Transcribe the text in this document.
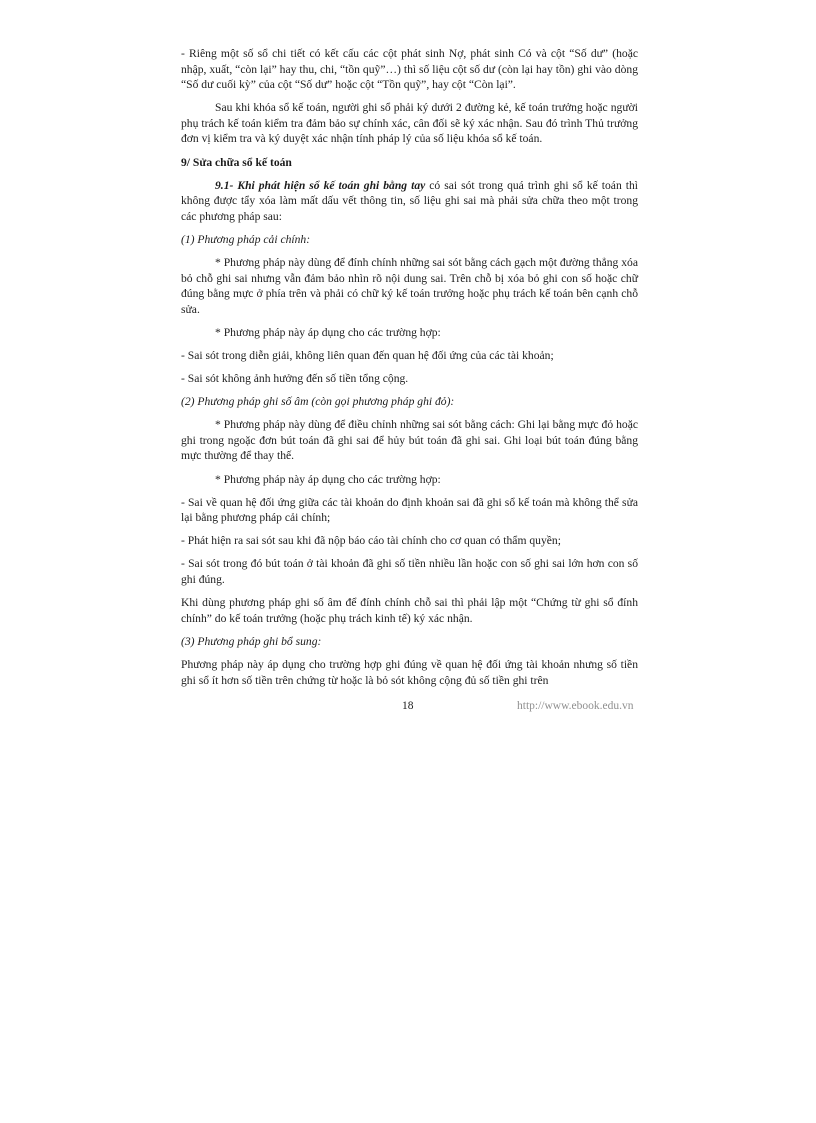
- Riêng một số sổ chi tiết có kết cấu các cột phát sinh Nợ, phát sinh Có và cột “Số dư” (hoặc nhập, xuất, “còn lại” hay thu, chi, “tồn quỹ”…) thì số liệu cột số dư (còn lại hay tồn) ghi vào dòng “Số dư cuối kỳ” của cột “Số dư” hoặc cột “Tồn quỹ”, hay cột “Còn lại”.

Sau khi khóa sổ kế toán, người ghi sổ phải ký dưới 2 đường kẻ, kế toán trưởng hoặc người phụ trách kế toán kiểm tra đảm bảo sự chính xác, cân đối sẽ ký xác nhận. Sau đó trình Thủ trưởng đơn vị kiểm tra và ký duyệt xác nhận tính pháp lý của số liệu khóa sổ kế toán.

9/ Sửa chữa sổ kế toán

9.1- Khi phát hiện sổ kế toán ghi bằng tay có sai sót trong quá trình ghi sổ kế toán thì không được tẩy xóa làm mất dấu vết thông tin, số liệu ghi sai mà phải sửa chữa theo một trong các phương pháp sau:

(1) Phương pháp cải chính:

* Phương pháp này dùng để đính chính những sai sót bằng cách gạch một đường thẳng xóa bỏ chỗ ghi sai nhưng vẫn đảm bảo nhìn rõ nội dung sai. Trên chỗ bị xóa bỏ ghi con số hoặc chữ đúng bằng mực ở phía trên và phải có chữ ký kế toán trưởng hoặc phụ trách kế toán bên cạnh chỗ sửa.

* Phương pháp này áp dụng cho các trường hợp:

- Sai sót trong diễn giải, không liên quan đến quan hệ đối ứng của các tài khoản;

- Sai sót không ảnh hưởng đến số tiền tổng cộng.

(2) Phương pháp ghi số âm (còn gọi phương pháp ghi đỏ):

* Phương pháp này dùng để điều chỉnh những sai sót bằng cách: Ghi lại bằng mực đỏ hoặc ghi trong ngoặc đơn bút toán đã ghi sai để hủy bút toán đã ghi sai. Ghi loại bút toán đúng bằng mực thường để thay thế.

* Phương pháp này áp dụng cho các trường hợp:

- Sai về quan hệ đối ứng giữa các tài khoản do định khoản sai đã ghi sổ kế toán mà không thể sửa lại bằng phương pháp cải chính;

- Phát hiện ra sai sót sau khi đã nộp báo cáo tài chính cho cơ quan có thẩm quyền;

- Sai sót trong đó bút toán ở tài khoản đã ghi số tiền nhiều lần hoặc con số ghi sai lớn hơn con số ghi đúng.

Khi dùng phương pháp ghi số âm để đính chính chỗ sai thì phải lập một “Chứng từ ghi sổ đính chính” do kế toán trưởng (hoặc phụ trách kinh tế) ký xác nhận.

(3) Phương pháp ghi bổ sung:

Phương pháp này áp dụng cho trường hợp ghi đúng về quan hệ đối ứng tài khoản nhưng số tiền ghi sổ ít hơn số tiền trên chứng từ hoặc là bỏ sót không cộng đủ số tiền ghi trên

18	http://www.ebook.edu.vn
